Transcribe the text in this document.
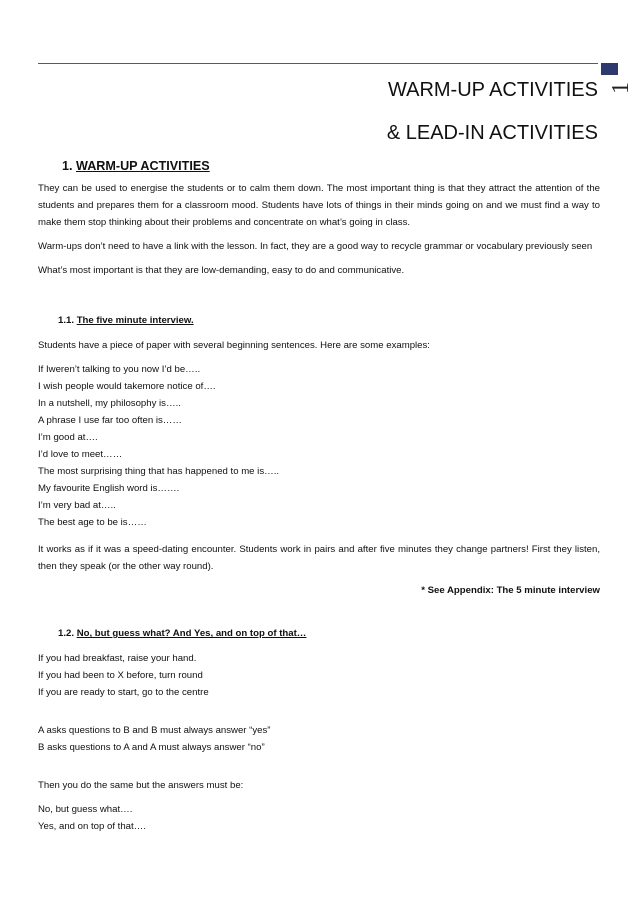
1
WARM-UP ACTIVITIES
& LEAD-IN ACTIVITIES
1. WARM-UP ACTIVITIES

They can be used to energise the students or to calm them down. The most important thing is that they attract the attention of the students and prepares them for a classroom mood. Students have lots of things in their minds going on and we must find a way to make them stop thinking about their problems and concentrate on what’s going in class.

Warm-ups don’t need to have a link with the lesson. In fact, they are a good way to recycle grammar or vocabulary previously seen

What’s most important is that they are low-demanding, easy to do and communicative.

1.1. The five minute interview.

Students have a piece of paper with several beginning sentences. Here are some examples:

If Iweren’t talking to you now I’d be…..
I wish people would takemore notice of….
In a nutshell, my philosophy is…..
A phrase I use far too often is……
I’m good at….
I’d love to meet……
The most surprising thing that has happened to me is…..
My favourite English word is…….
I’m very bad at…..
The best age to be is……

It works as if it was a speed-dating encounter. Students work in pairs and after five minutes they change partners! First they listen, then they speak (or the other way round).

* See Appendix: The 5 minute interview
1.2. No, but guess what? And Yes, and on top of that…
If you had breakfast, raise your hand.
If you had been to X before, turn round
If you are ready to start, go to the centre
A asks questions to B and B must always answer “yes”
B asks questions to A and A must always answer “no”

Then you do the same but the answers must be:

No, but guess what….
Yes, and on top of that….
